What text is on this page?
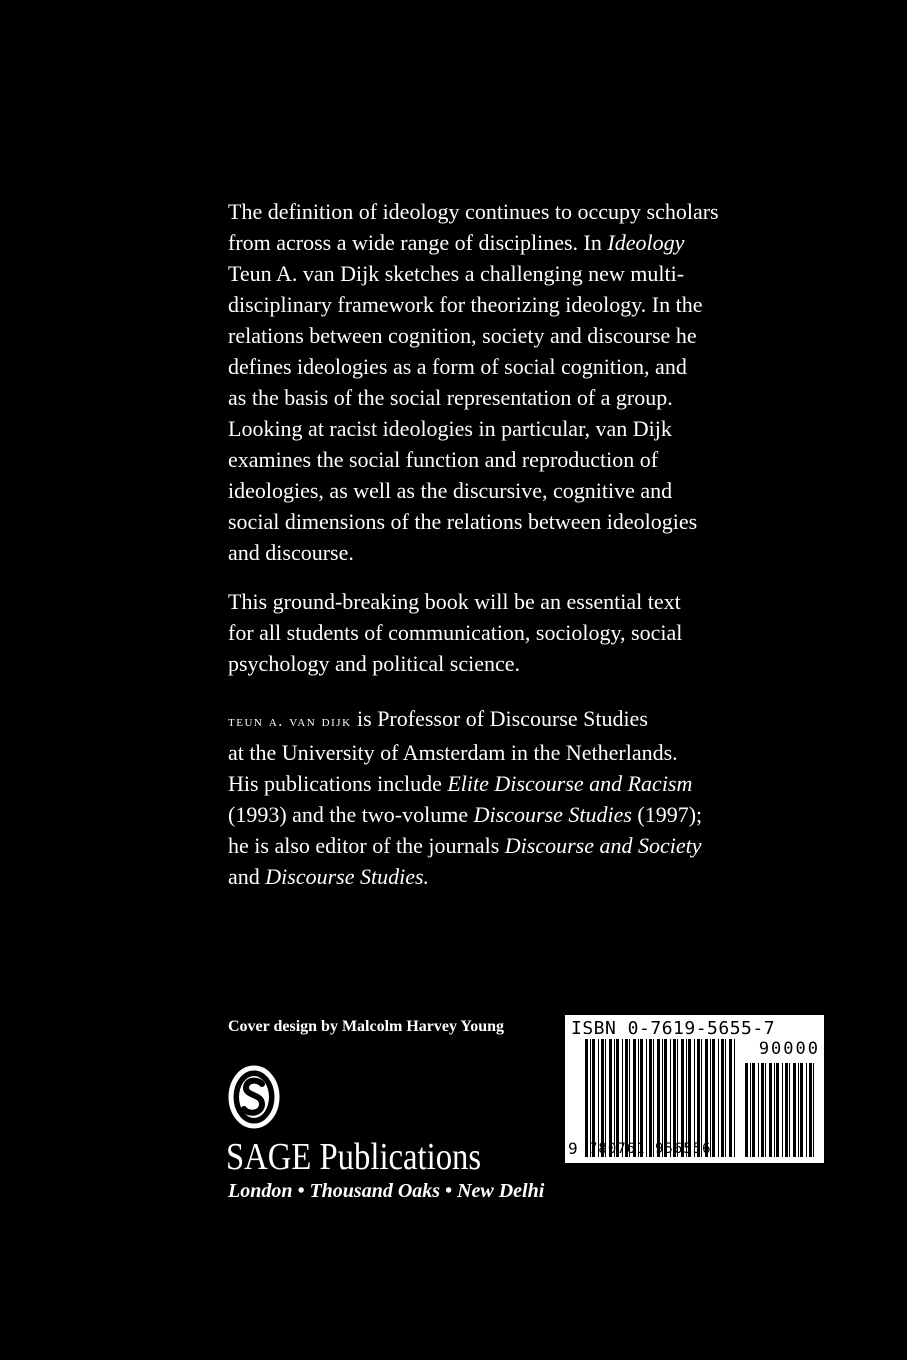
The definition of ideology continues to occupy scholars

from across a wide range of disciplines. In Ideology

Teun A. van Dijk sketches a challenging new multi-

disciplinary framework for theorizing ideology. In the

relations between cognition, society and discourse he

defines ideologies as a form of social cognition, and

as the basis of the social representation of a group.

Looking at racist ideologies in particular, van Dijk

examines the social function and reproduction of

ideologies, as well as the discursive, cognitive and

social dimensions of the relations between ideologies

and discourse.

This ground-breaking book will be an essential text

for all students of communication, sociology, social

psychology and political science.

teun a. van dijk is Professor of Discourse Studies

at the University of Amsterdam in the Netherlands.

His publications include Elite Discourse and Racism

(1993) and the two-volume Discourse Studies (1997);

he is also editor of the journals Discourse and Society

and Discourse Studies.

Cover design by Malcolm Harvey Young
SAGE Publications
London • Thousand Oaks • New Delhi
ISBN 0-7619-5655-7
90000
9 780761 956556
